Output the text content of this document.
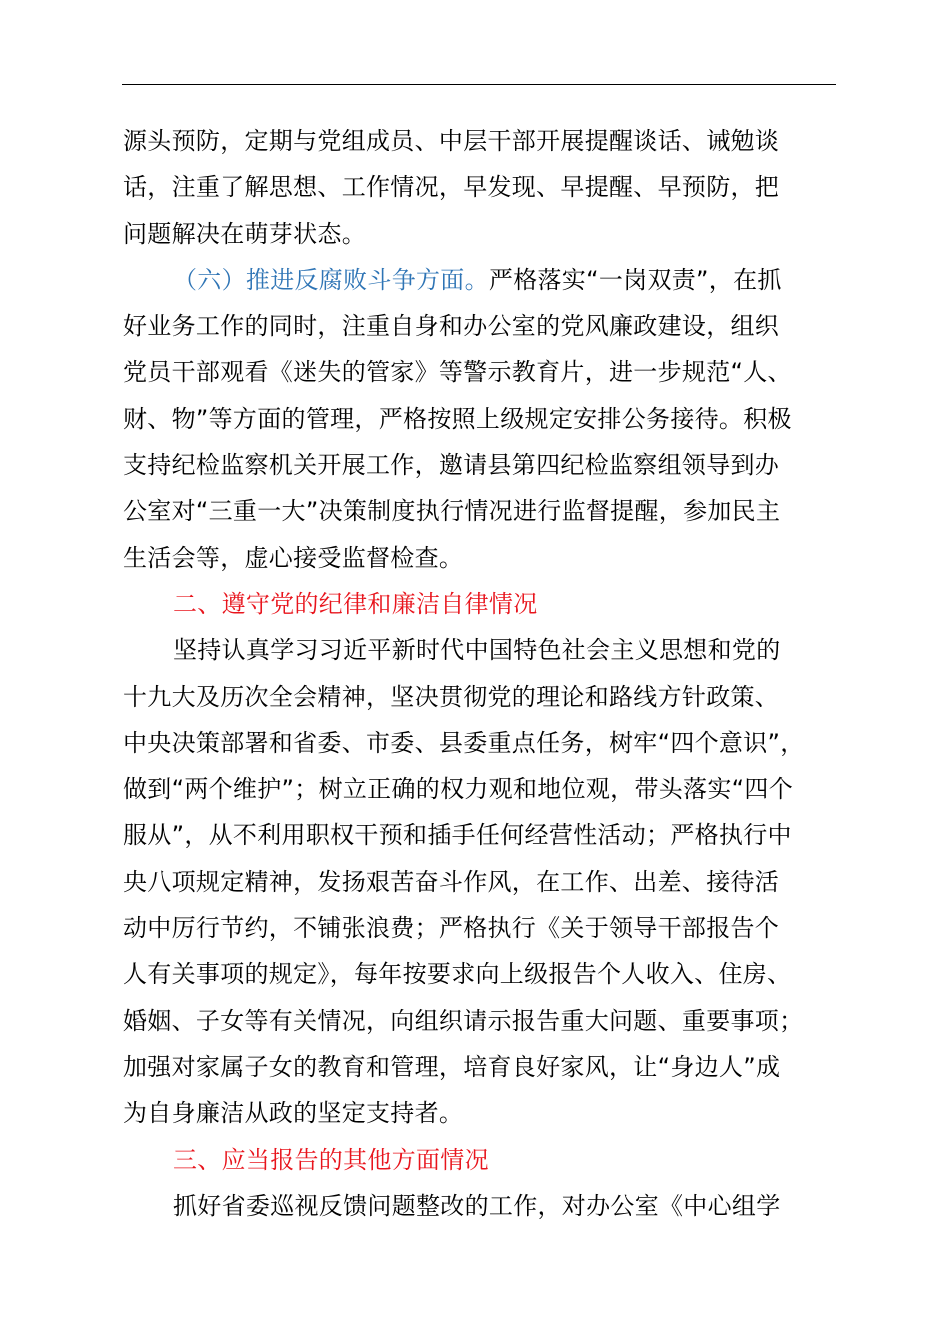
源头预防，定期与党组成员、中层干部开展提醒谈话、诫勉谈
话，注重了解思想、工作情况，早发现、早提醒、早预防，把
问题解决在萌芽状态。
（六）推进反腐败斗争方面。严格落实“一岗双责”，在抓
好业务工作的同时，注重自身和办公室的党风廉政建设，组织
党员干部观看《迷失的管家》等警示教育片，进一步规范“人、
财、物”等方面的管理，严格按照上级规定安排公务接待。积极
支持纪检监察机关开展工作，邀请县第四纪检监察组领导到办
公室对“三重一大”决策制度执行情况进行监督提醒，参加民主
生活会等，虚心接受监督检查。
二、遵守党的纪律和廉洁自律情况
坚持认真学习习近平新时代中国特色社会主义思想和党的
十九大及历次全会精神，坚决贯彻党的理论和路线方针政策、
中央决策部署和省委、市委、县委重点任务，树牢“四个意识”，
做到“两个维护”；树立正确的权力观和地位观，带头落实“四个
服从”，从不利用职权干预和插手任何经营性活动；严格执行中
央八项规定精神，发扬艰苦奋斗作风，在工作、出差、接待活
动中厉行节约，不铺张浪费；严格执行《关于领导干部报告个
人有关事项的规定》，每年按要求向上级报告个人收入、住房、
婚姻、子女等有关情况，向组织请示报告重大问题、重要事项；
加强对家属子女的教育和管理，培育良好家风，让“身边人”成
为自身廉洁从政的坚定支持者。
三、应当报告的其他方面情况
抓好省委巡视反馈问题整改的工作，对办公室《中心组学
